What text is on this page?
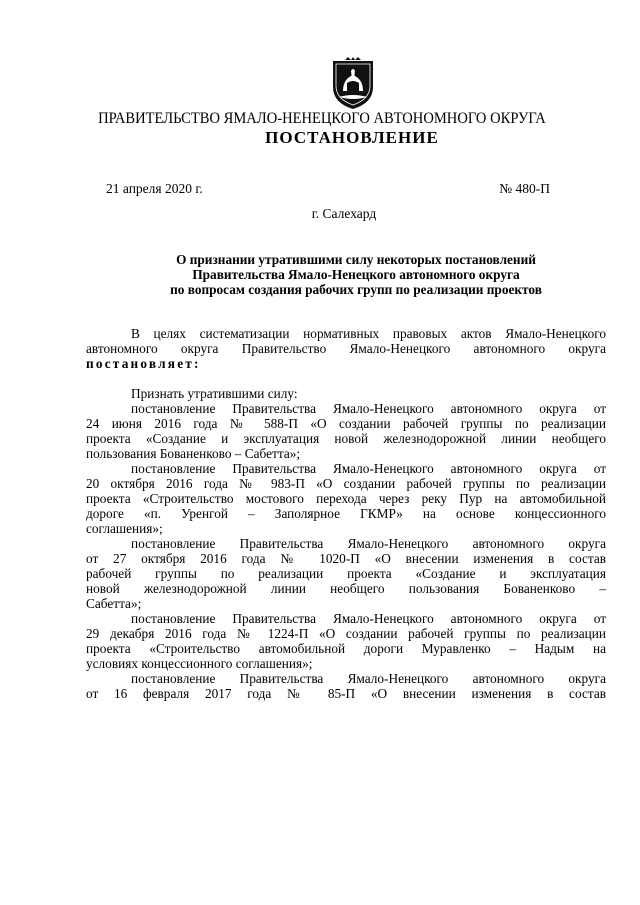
ПРАВИТЕЛЬСТВО ЯМАЛО-НЕНЕЦКОГО АВТОНОМНОГО ОКРУГА
ПОСТАНОВЛЕНИЕ
21 апреля 2020 г.	№ 480-П
г. Салехард
О признании утратившими силу некоторых постановлений
Правительства Ямало-Ненецкого автономного округа
по вопросам создания рабочих групп по реализации проектов
В целях систематизации нормативных правовых актов Ямало-Ненецкого
автономного округа Правительство Ямало-Ненецкого автономного округа
постановляет:
Признать утратившими силу:
постановление Правительства Ямало-Ненецкого автономного округа от
24 июня 2016 года № 588-П «О создании рабочей группы по реализации
проекта «Создание и эксплуатация новой железнодорожной линии необщего
пользования Бованенково – Сабетта»;
постановление Правительства Ямало-Ненецкого автономного округа от
20 октября 2016 года № 983-П «О создании рабочей группы по реализации
проекта «Строительство мостового перехода через реку Пур на автомобильной
дороге «п. Уренгой – Заполярное ГКМР» на основе концессионного
соглашения»;
постановление Правительства Ямало-Ненецкого автономного округа
от 27 октября 2016 года № 1020-П «О внесении изменения в состав
рабочей группы по реализации проекта «Создание и эксплуатация
новой железнодорожной линии необщего пользования Бованенково –
Сабетта»;
постановление Правительства Ямало-Ненецкого автономного округа от
29 декабря 2016 года № 1224-П «О создании рабочей группы по реализации
проекта «Строительство автомобильной дороги Муравленко – Надым на
условиях концессионного соглашения»;
постановление Правительства Ямало-Ненецкого автономного округа
от 16 февраля 2017 года № 85-П «О внесении изменения в состав
